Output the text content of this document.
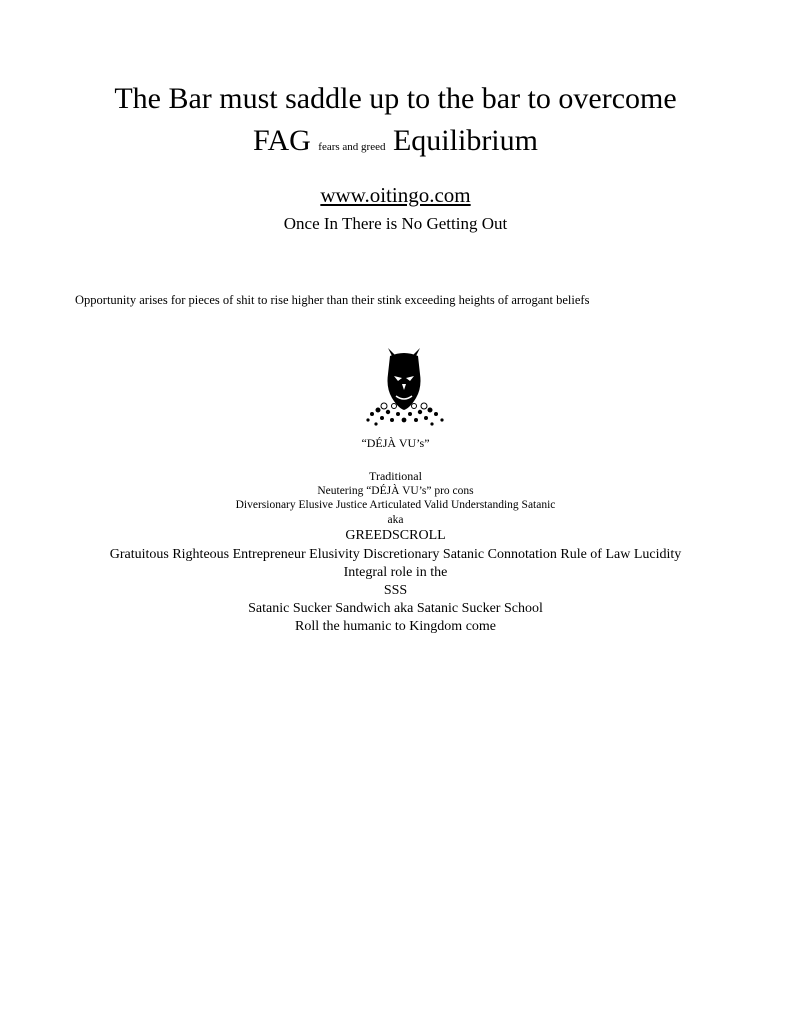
The Bar must saddle up to the bar to overcome
FAG fears and greed Equilibrium
www.oitingo.com
Once In There is No Getting Out
Opportunity arises for pieces of shit to rise higher than their stink exceeding heights of arrogant beliefs
“DÉJÀ VU’s”
Traditional
Neutering “DÉJÀ VU’s” pro cons
Diversionary Elusive Justice Articulated Valid Understanding Satanic
aka
GREEDSCROLL
Gratuitous Righteous Entrepreneur Elusivity Discretionary Satanic Connotation Rule of Law Lucidity
Integral role in the
SSS
Satanic Sucker Sandwich aka Satanic Sucker School
Roll the humanic to Kingdom come
